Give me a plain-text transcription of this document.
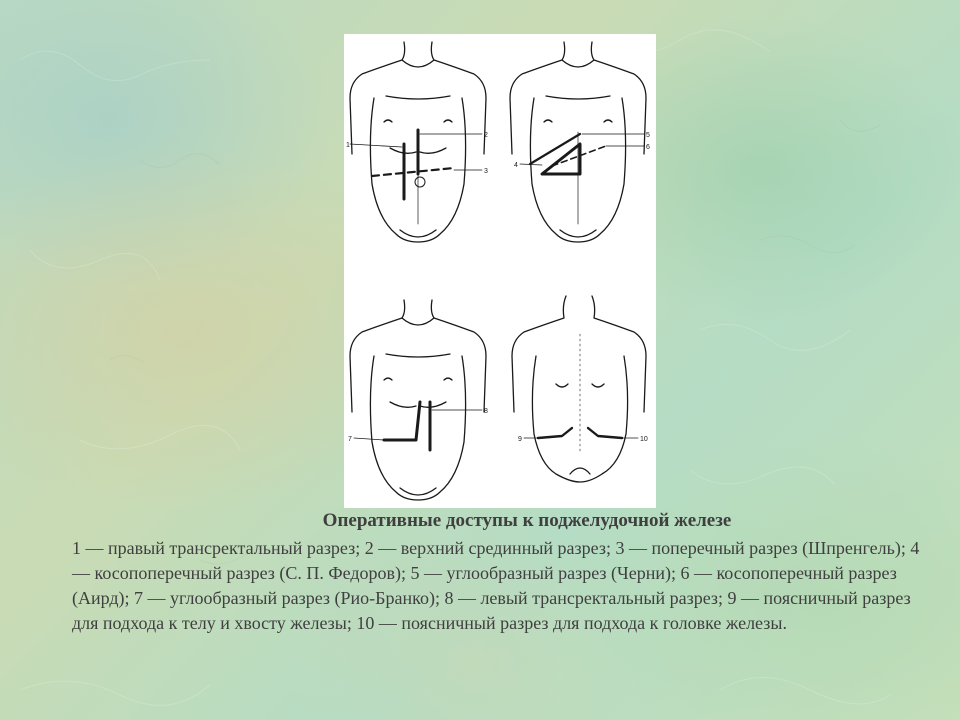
1
2
3
4
5
6
7
8
9	10

Оперативные доступы к поджелудочной железе

1 — правый трансректальный разрез; 2 — верхний срединный разрез; 3 — поперечный разрез (Шпренгель); 4 — косопоперечный разрез (С. П. Федоров); 5 — углообразный разрез (Черни); 6 — косопоперечный разрез (Аирд); 7 — углообразный разрез (Рио-Бранко); 8 — левый трансректальный разрез; 9 — поясничный разрез для подхода к телу и хвосту железы; 10 — поясничный разрез для подхода к головке железы.
